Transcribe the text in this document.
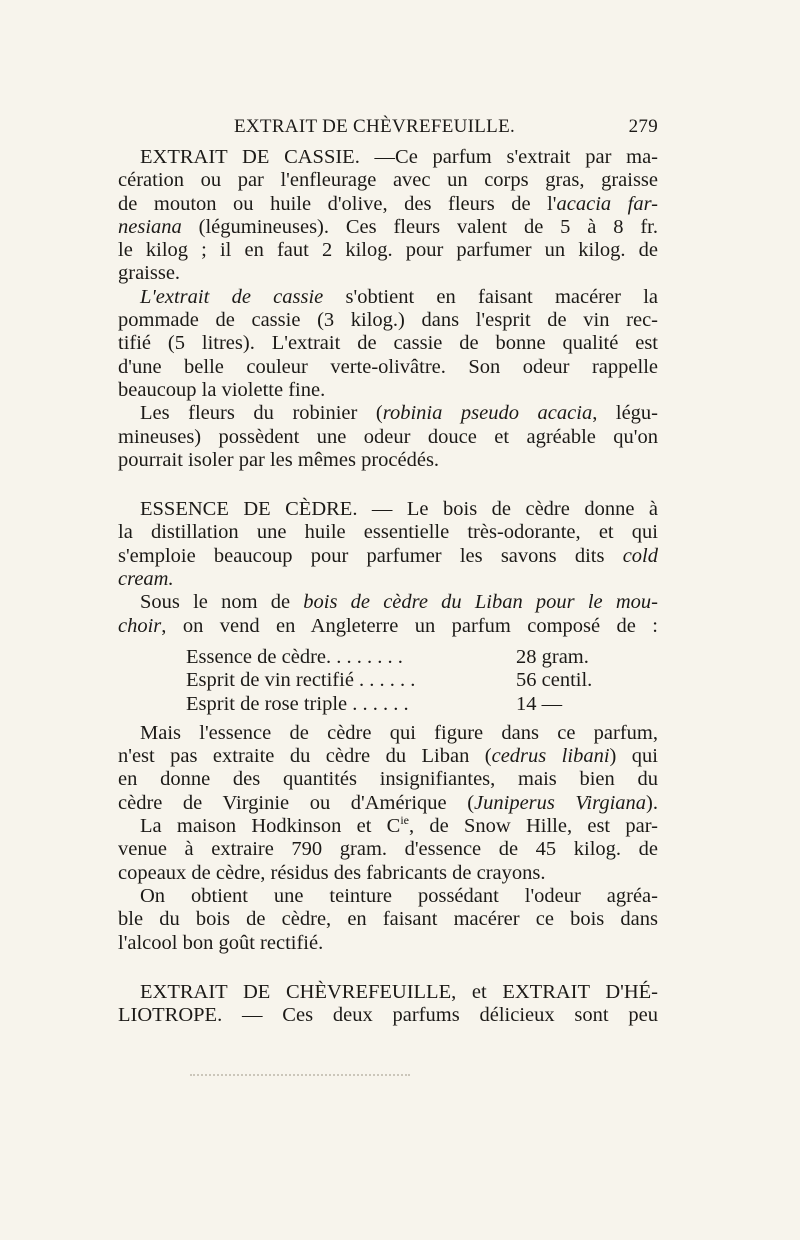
EXTRAIT DE CHÈVREFEUILLE.	279
EXTRAIT DE CASSIE. —Ce parfum s'extrait par ma-
cération ou par l'enfleurage avec un corps gras, graisse
de mouton ou huile d'olive, des fleurs de l'acacia far-
nesiana (légumineuses). Ces fleurs valent de 5 à 8 fr.
le kilog ; il en faut 2 kilog. pour parfumer un kilog. de
graisse.
L'extrait de cassie s'obtient en faisant macérer la
pommade de cassie (3 kilog.) dans l'esprit de vin rec-
tifié (5 litres). L'extrait de cassie de bonne qualité est
d'une belle couleur verte-olivâtre. Son odeur rappelle
beaucoup la violette fine.
Les fleurs du robinier (robinia pseudo acacia, légu-
mineuses) possèdent une odeur douce et agréable qu'on
pourrait isoler par les mêmes procédés.
ESSENCE DE CÈDRE. — Le bois de cèdre donne à
la distillation une huile essentielle très-odorante, et qui
s'emploie beaucoup pour parfumer les savons dits cold
cream.
Sous le nom de bois de cèdre du Liban pour le mou-
choir, on vend en Angleterre un parfum composé de :
Essence de cèdre. . . . . . . .	28 gram.
Esprit de vin rectifié . . . . . .	56 centil.
Esprit de rose triple . . . . . .	14 —
Mais l'essence de cèdre qui figure dans ce parfum,
n'est pas extraite du cèdre du Liban (cedrus libani) qui
en donne des quantités insignifiantes, mais bien du
cèdre de Virginie ou d'Amérique (Juniperus Virgiana).
La maison Hodkinson et $C^{ie}$, de Snow Hille, est par-
venue à extraire 790 gram. d'essence de 45 kilog. de
copeaux de cèdre, résidus des fabricants de crayons.
On obtient une teinture possédant l'odeur agréa-
ble du bois de cèdre, en faisant macérer ce bois dans
l'alcool bon goût rectifié.
EXTRAIT DE CHÈVREFEUILLE, et EXTRAIT D'HÉ-
LIOTROPE. — Ces deux parfums délicieux sont peu
